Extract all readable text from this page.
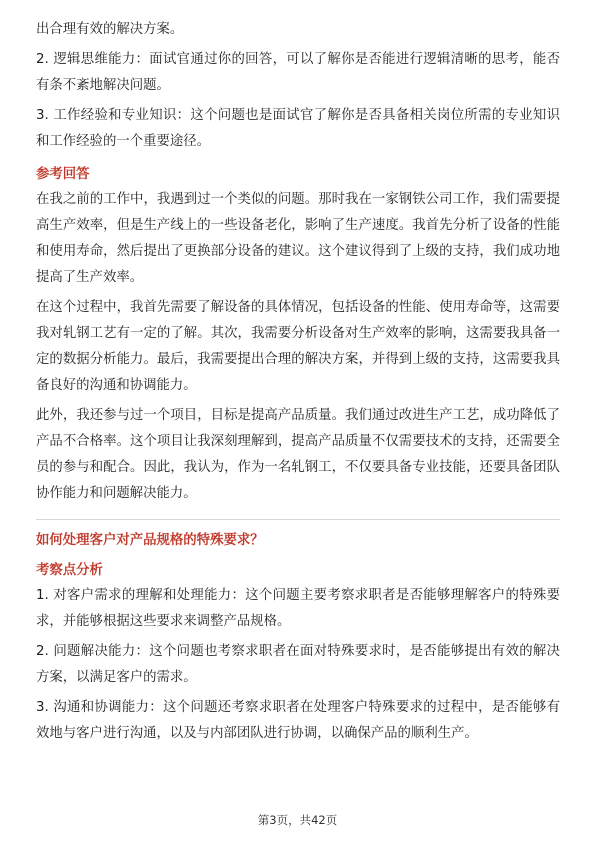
出合理有效的解决方案。

2. 逻辑思维能力：面试官通过你的回答，可以了解你是否能进行逻辑清晰的思考，能否有条不紊地解决问题。

3. 工作经验和专业知识：这个问题也是面试官了解你是否具备相关岗位所需的专业知识和工作经验的一个重要途径。

参考回答

在我之前的工作中，我遇到过一个类似的问题。那时我在一家钢铁公司工作，我们需要提高生产效率，但是生产线上的一些设备老化，影响了生产速度。我首先分析了设备的性能和使用寿命，然后提出了更换部分设备的建议。这个建议得到了上级的支持，我们成功地提高了生产效率。

在这个过程中，我首先需要了解设备的具体情况，包括设备的性能、使用寿命等，这需要我对轧钢工艺有一定的了解。其次，我需要分析设备对生产效率的影响，这需要我具备一定的数据分析能力。最后，我需要提出合理的解决方案，并得到上级的支持，这需要我具备良好的沟通和协调能力。

此外，我还参与过一个项目，目标是提高产品质量。我们通过改进生产工艺，成功降低了产品不合格率。这个项目让我深刻理解到，提高产品质量不仅需要技术的支持，还需要全员的参与和配合。因此，我认为，作为一名轧钢工，不仅要具备专业技能，还要具备团队协作能力和问题解决能力。

如何处理客户对产品规格的特殊要求？
考察点分析

1. 对客户需求的理解和处理能力：这个问题主要考察求职者是否能够理解客户的特殊要求，并能够根据这些要求来调整产品规格。

2. 问题解决能力：这个问题也考察求职者在面对特殊要求时，是否能够提出有效的解决方案，以满足客户的需求。

3. 沟通和协调能力：这个问题还考察求职者在处理客户特殊要求的过程中，是否能够有效地与客户进行沟通，以及与内部团队进行协调，以确保产品的顺利生产。

第3页，共42页
